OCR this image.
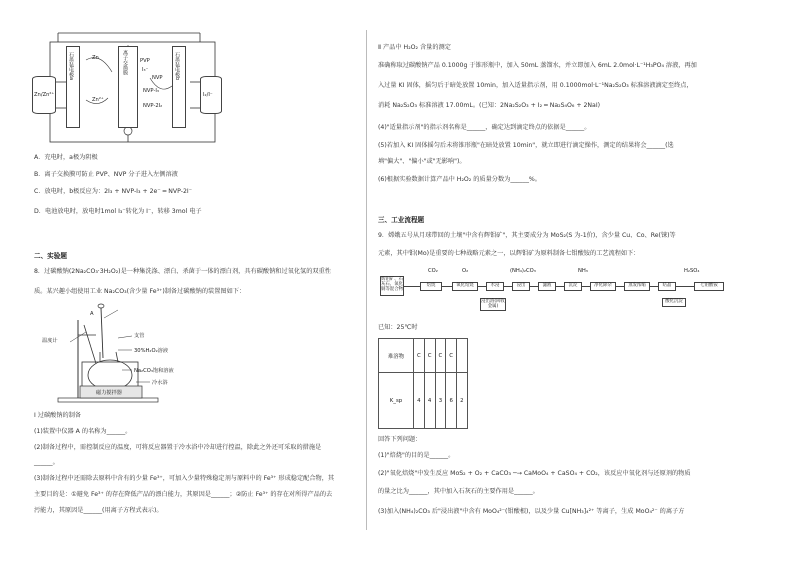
Zn/Zn²⁺	I₂/I⁻
石墨毡电极a	石墨毡电极b
离子交换膜
Zn
Zn²⁺
PVP
I₃⁻
NVP
NVP-I₃
NVP-2I₂
A．充电时，a极为阴极
B．离子交换膜可防止 PVP、NVP 分子进入左侧溶液
C．放电时，b极反应为：2I₃ + NVP-I₃ + 2e⁻ ═ NVP-2I⁻
D．电池放电时，放电时1mol I₃⁻转化为 I⁻，转移 3mol 电子
二、实验题
8．过碳酸钠(2Na₂CO₃·3H₂O₂)是一种集洗涤、漂白、杀菌于一体的漂白剂，具有碳酸钠和过氧化氢的双重性
质。某兴趣小组使用工业 Na₂CO₃(含少量 Fe³⁺)制备过碳酸钠的装置图如下：
温度计
A
支管
30%H₂O₂溶液
Na₂CO₃饱和溶液
冷水浴
磁力搅拌器
Ⅰ 过碳酸钠的制备
(1)装置中仪器 A 的名称为______。
(2)制备过程中，需控制反应的温度，可将反应器置于冷水浴中冷却进行控温，除此之外还可采取的措施是
______。
(3)制备过程中还需除去原料中含有的少量 Fe³⁺，可加入少量特殊稳定剂与原料中的 Fe³⁺ 形成稳定配合物，其
主要目的是：①避免 Fe³⁺ 的存在降低产品的漂白能力，其原因是______；②防止 Fe³⁺ 的存在对所得产品的去
污能力，其原因是______(用离子方程式表示)。
Ⅱ 产品中 H₂O₂ 含量的测定
准确称取过碳酸钠产品 0.1000g 于锥形瓶中，加入 50mL 蒸馏水，并立即加入 6mL 2.0mol·L⁻¹H₃PO₄ 溶液，再加
入过量 KI 固体，摇匀后于暗处放置 10min，加入适量指示剂，用 0.1000mol·L⁻¹Na₂S₂O₃ 标准溶液滴定至终点，
消耗 Na₂S₂O₃ 标准溶液 17.00mL。(已知：2Na₂S₂O₃ + I₂ ═ Na₂S₄O₆ + 2NaI)
(4)"适量指示剂"的指示剂名称是______，确定达到滴定终点的依据是______。
(5)若加入 KI 固体摇匀后未将锥形瓶"在暗处放置 10min"，就立即进行滴定操作，测定的结果将会______(选
填"偏大"、"偏小"或"无影响")。
(6)根据实验数据计算产品中 H₂O₂ 的质量分数为______%。
三、工业流程题
9．嫦娥五号从月球带回的土壤"中含有辉钼矿"，其主要成分为 MoS₂(S 为-1价)，含少量 Cu、Co、Re(铼)等
元素，其中钼(Mo)是重要的七种战略元素之一，以辉钼矿为原料制备七钼酸铵的工艺流程如下：
辉钼矿、石灰石、氧化铜等混合物
焙烧
CO₂
氧化焙烧
O₂
水浸	浸出
(NH₄)₂CO₃
滤液	沉淀
NH₃
净化除杂	蒸发浓缩	结晶
H₂SO₄
七钼酸铵
浸出渣(回收金属)
酸化沉淀
已知：25℃时
难溶物	C	C	C	C	
K_sp	4	4	3	6	2
回答下列问题：
(1)"焙烧"的目的是______。
(2)"氧化焙烧"中发生反应 MoS₂ + O₂ + CaCO₃ ─→ CaMoO₄ + CaSO₄ + CO₂，该反应中氧化剂与还原剂的物质
的量之比为______，其中加入石灰石的主要作用是______。
(3)加入(NH₄)₂CO₃ 后"浸出液"中含有 MoO₄²⁻(钼酸根)，以及少量 Cu[NH₃]₄²⁺ 等离子，生成 MoO₄²⁻ 的离子方
